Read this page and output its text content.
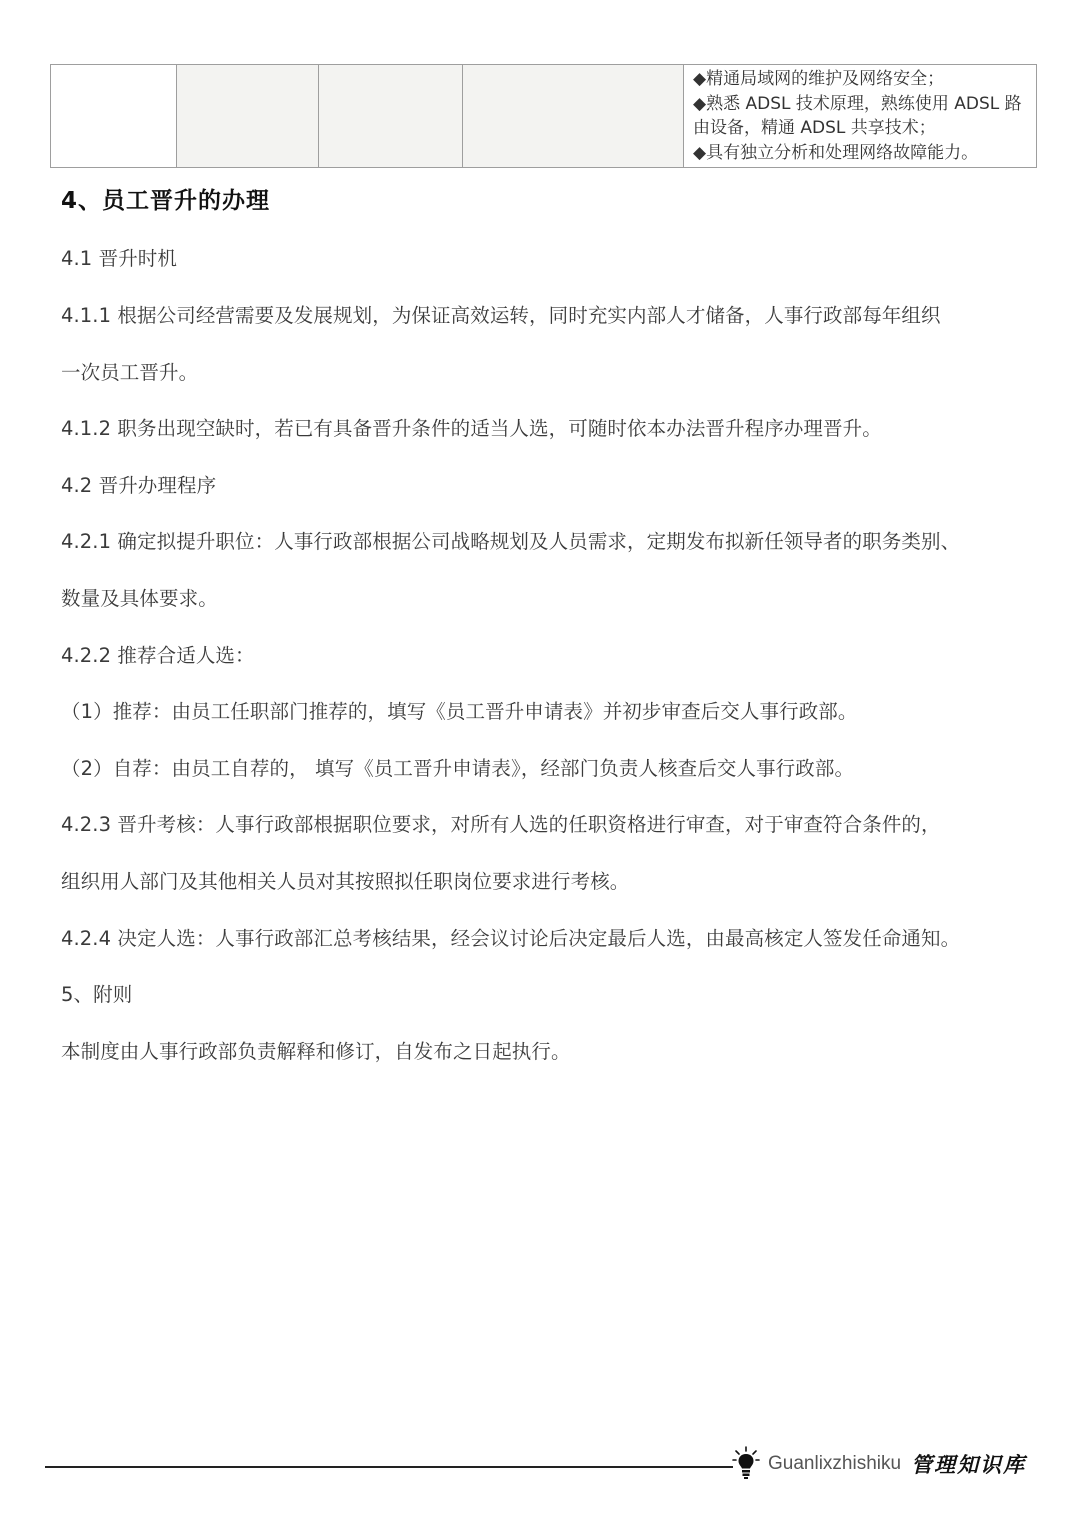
◆精通局域网的维护及网络安全；
◆熟悉 ADSL 技术原理，熟练使用 ADSL 路由设备，精通 ADSL 共享技术；
◆具有独立分析和处理网络故障能力。
4、员工晋升的办理
4.1 晋升时机
4.1.1 根据公司经营需要及发展规划，为保证高效运转，同时充实内部人才储备，人事行政部每年组织
一次员工晋升。
4.1.2 职务出现空缺时，若已有具备晋升条件的适当人选，可随时依本办法晋升程序办理晋升。
4.2 晋升办理程序
4.2.1 确定拟提升职位：人事行政部根据公司战略规划及人员需求，定期发布拟新任领导者的职务类别、
数量及具体要求。
4.2.2 推荐合适人选：
（1）推荐：由员工任职部门推荐的，填写《员工晋升申请表》并初步审查后交人事行政部。
（2）自荐：由员工自荐的， 填写《员工晋升申请表》，经部门负责人核查后交人事行政部。
4.2.3 晋升考核：人事行政部根据职位要求，对所有人选的任职资格进行审查，对于审查符合条件的，
组织用人部门及其他相关人员对其按照拟任职岗位要求进行考核。
4.2.4 决定人选：人事行政部汇总考核结果，经会议讨论后决定最后人选，由最高核定人签发任命通知。
5、附则
本制度由人事行政部负责解释和修订，自发布之日起执行。
Guanlixzhishiku 管理知识库
